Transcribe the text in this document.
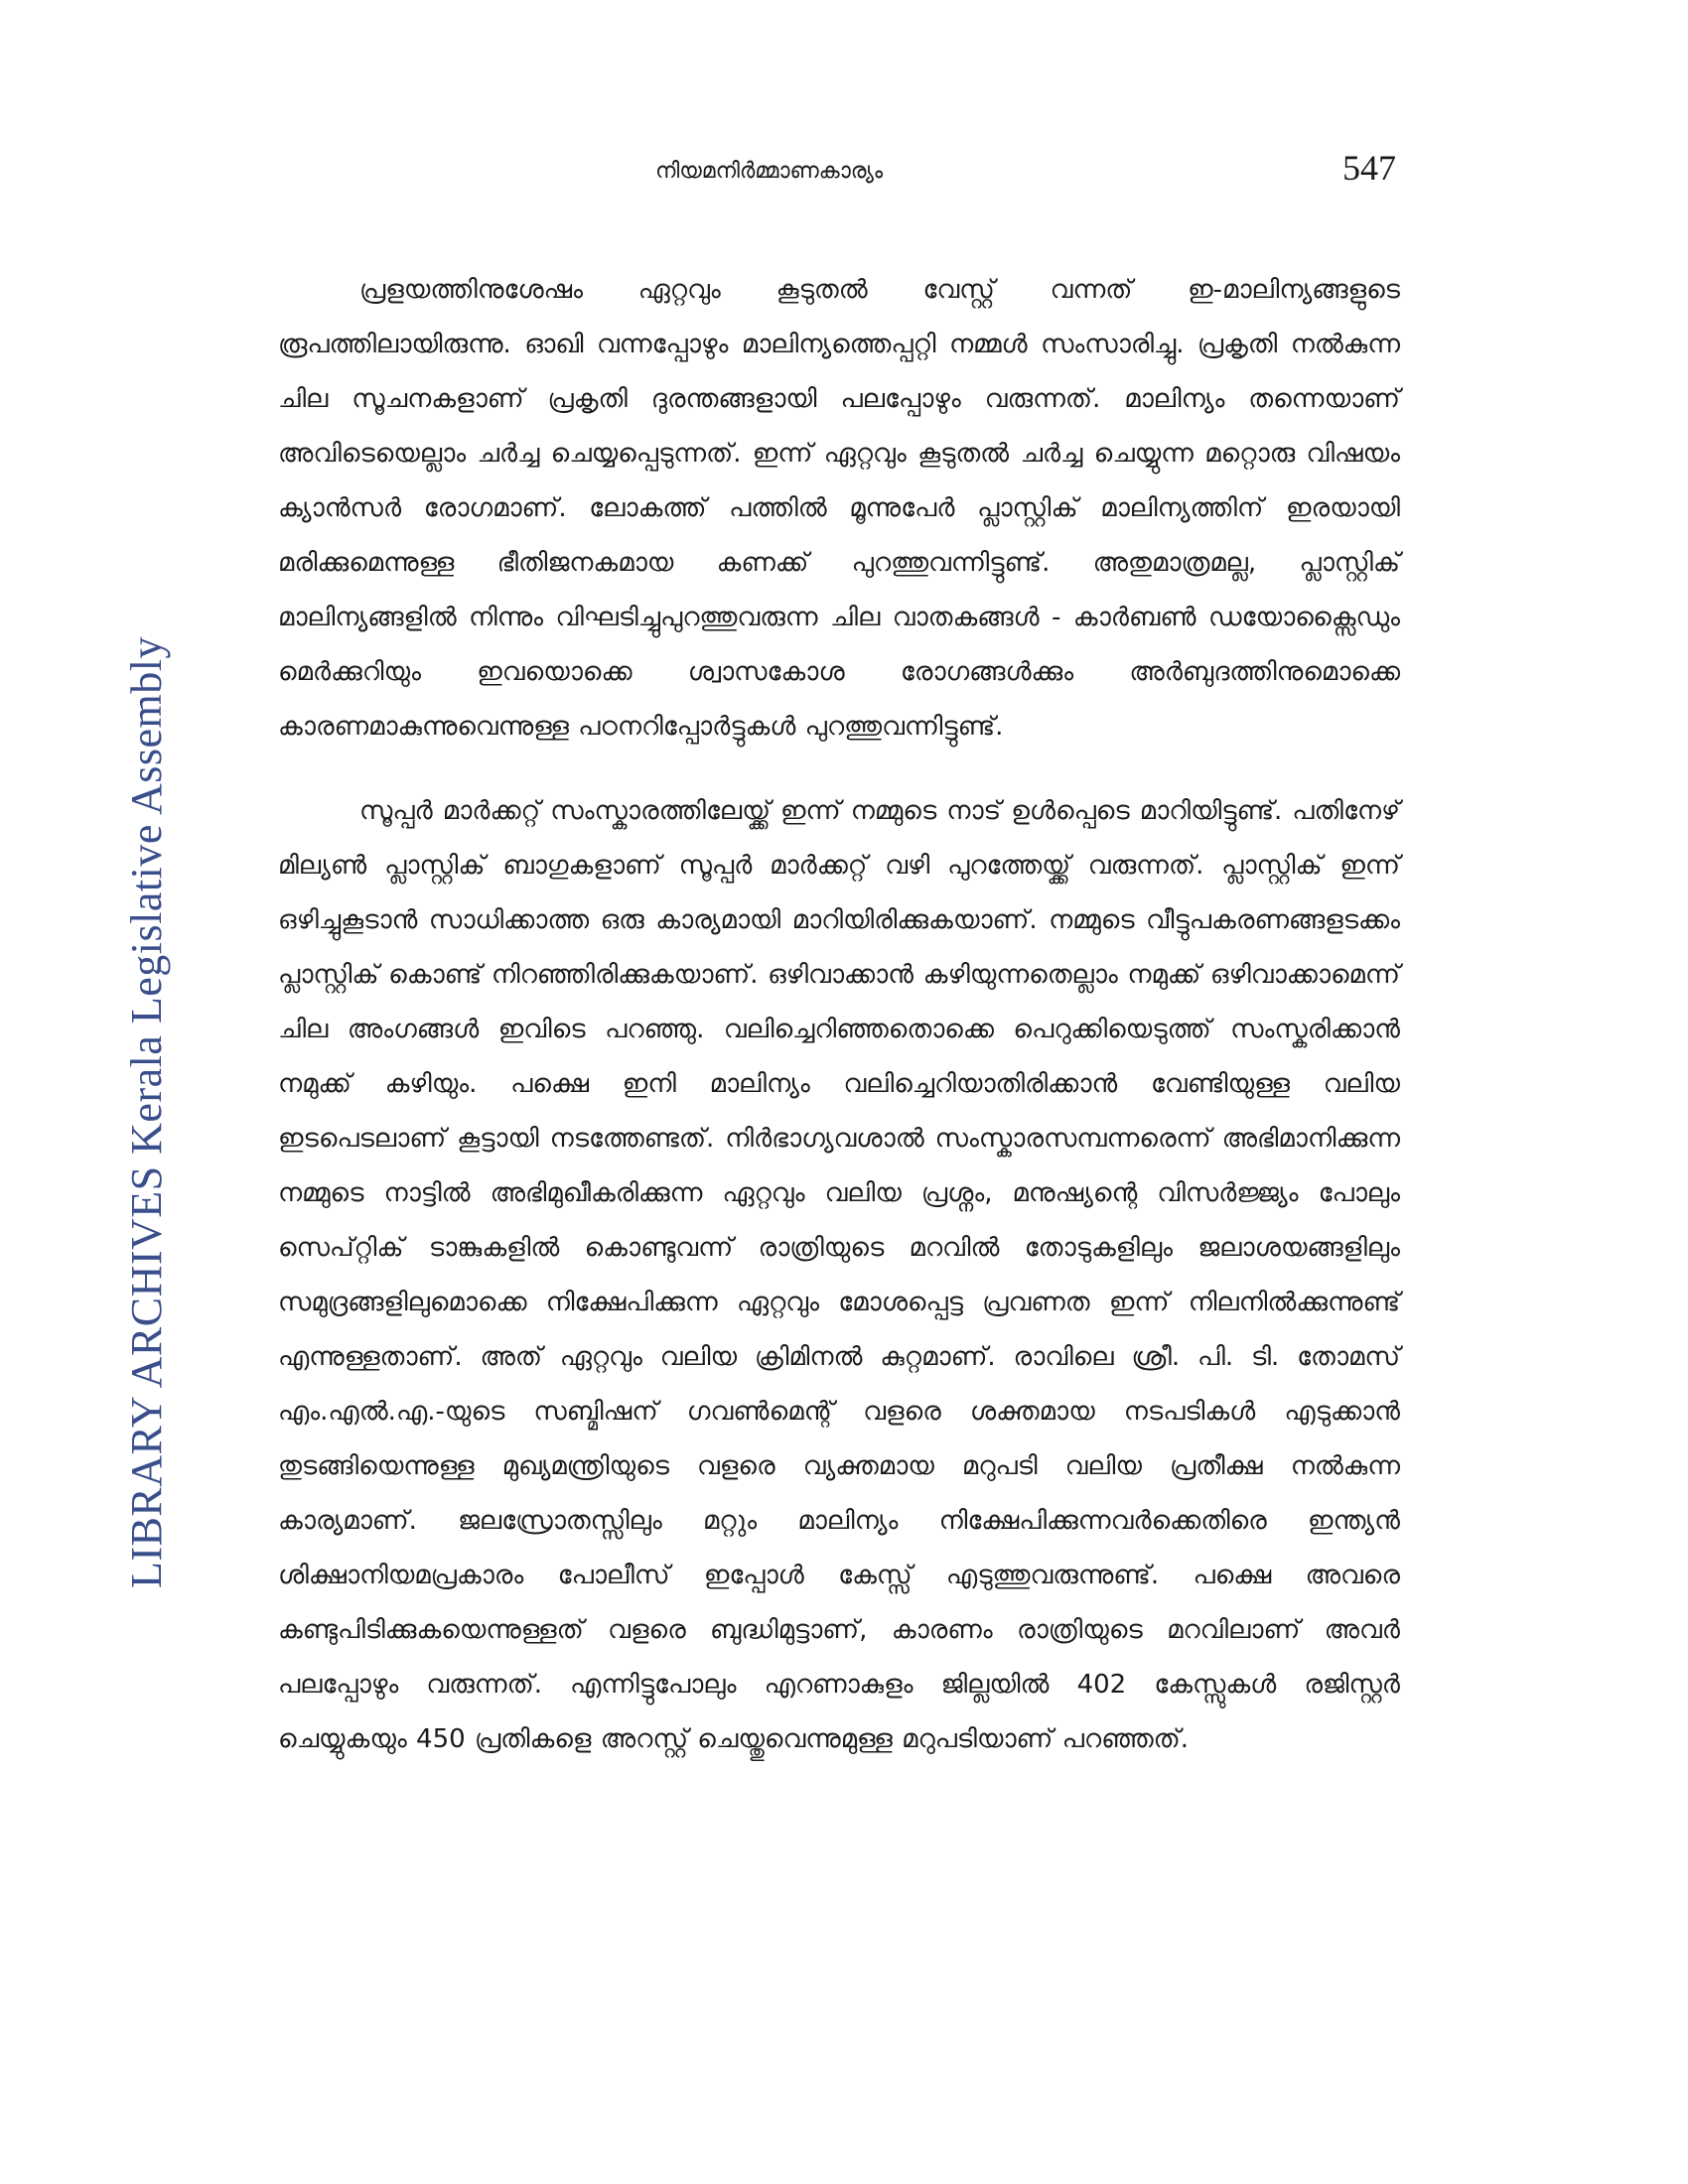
LIBRARY ARCHIVES Kerala Legislative Assembly
നിയമനിർമ്മാണകാര്യം	547

പ്രളയത്തിനുശേഷം ഏറ്റവും കൂടുതൽ വേസ്റ്റ് വന്നത് ഇ-മാലിന്യങ്ങളുടെ രൂപത്തിലായിരുന്നു. ഓഖി വന്നപ്പോഴും മാലിന്യത്തെപ്പറ്റി നമ്മൾ സംസാരിച്ചു. പ്രകൃതി നൽകുന്ന ചില സൂചനകളാണ് പ്രകൃതി ദുരന്തങ്ങളായി പലപ്പോഴും വരുന്നത്. മാലിന്യം തന്നെയാണ് അവിടെയെല്ലാം ചർച്ച ചെയ്യപ്പെടുന്നത്. ഇന്ന് ഏറ്റവും കൂടുതൽ ചർച്ച ചെയ്യുന്ന മറ്റൊരു വിഷയം ക്യാൻസർ രോഗമാണ്. ലോകത്ത് പത്തിൽ മൂന്നുപേർ പ്ലാസ്റ്റിക് മാലിന്യത്തിന് ഇരയായി മരിക്കുമെന്നുള്ള ഭീതിജനകമായ കണക്ക് പുറത്തുവന്നിട്ടുണ്ട്. അതുമാത്രമല്ല, പ്ലാസ്റ്റിക് മാലിന്യങ്ങളിൽ നിന്നും വിഘടിച്ചുപുറത്തുവരുന്ന ചില വാതകങ്ങൾ - കാർബൺ ഡയോക്സൈഡും മെർക്കുറിയും ഇവയൊക്കെ ശ്വാസകോശ രോഗങ്ങൾക്കും അർബുദത്തിനുമൊക്കെ കാരണമാകുന്നുവെന്നുള്ള പഠനറിപ്പോർട്ടുകൾ പുറത്തുവന്നിട്ടുണ്ട്.

സൂപ്പർ മാർക്കറ്റ് സംസ്കാരത്തിലേയ്ക്ക് ഇന്ന് നമ്മുടെ നാട് ഉൾപ്പെടെ മാറിയിട്ടുണ്ട്. പതിനേഴ് മില്യൺ പ്ലാസ്റ്റിക് ബാഗുകളാണ് സൂപ്പർ മാർക്കറ്റ് വഴി പുറത്തേയ്ക്ക് വരുന്നത്. പ്ലാസ്റ്റിക് ഇന്ന് ഒഴിച്ചുകൂടാൻ സാധിക്കാത്ത ഒരു കാര്യമായി മാറിയിരിക്കുകയാണ്. നമ്മുടെ വീട്ടുപകരണങ്ങളടക്കം പ്ലാസ്റ്റിക് കൊണ്ട് നിറഞ്ഞിരിക്കുകയാണ്. ഒഴിവാക്കാൻ കഴിയുന്നതെല്ലാം നമുക്ക് ഒഴിവാക്കാമെന്ന് ചില അംഗങ്ങൾ ഇവിടെ പറഞ്ഞു. വലിച്ചെറിഞ്ഞതൊക്കെ പെറുക്കിയെടുത്ത് സംസ്കരിക്കാൻ നമുക്ക് കഴിയും. പക്ഷെ ഇനി മാലിന്യം വലിച്ചെറിയാതിരിക്കാൻ വേണ്ടിയുള്ള വലിയ ഇടപെടലാണ് കൂട്ടായി നടത്തേണ്ടത്. നിർഭാഗ്യവശാൽ സംസ്കാരസമ്പന്നരെന്ന് അഭിമാനിക്കുന്ന നമ്മുടെ നാട്ടിൽ അഭിമുഖീകരിക്കുന്ന ഏറ്റവും വലിയ പ്രശ്നം, മനുഷ്യന്റെ വിസർജ്ജ്യം പോലും സെപ്റ്റിക് ടാങ്കുകളിൽ കൊണ്ടുവന്ന് രാത്രിയുടെ മറവിൽ തോടുകളിലും ജലാശയങ്ങളിലും സമുദ്രങ്ങളിലുമൊക്കെ നിക്ഷേപിക്കുന്ന ഏറ്റവും മോശപ്പെട്ട പ്രവണത ഇന്ന് നിലനിൽക്കുന്നുണ്ട് എന്നുള്ളതാണ്. അത് ഏറ്റവും വലിയ ക്രിമിനൽ കുറ്റമാണ്. രാവിലെ ശ്രീ. പി. ടി. തോമസ് എം.എൽ.എ.-യുടെ സബ്മിഷന് ഗവൺമെന്റ് വളരെ ശക്തമായ നടപടികൾ എടുക്കാൻ തുടങ്ങിയെന്നുള്ള മുഖ്യമന്ത്രിയുടെ വളരെ വ്യക്തമായ മറുപടി വലിയ പ്രതീക്ഷ നൽകുന്ന കാര്യമാണ്. ജലസ്രോതസ്സിലും മറ്റും മാലിന്യം നിക്ഷേപിക്കുന്നവർക്കെതിരെ ഇന്ത്യൻ ശിക്ഷാനിയമപ്രകാരം പോലീസ് ഇപ്പോൾ കേസ്സ് എടുത്തുവരുന്നുണ്ട്. പക്ഷെ അവരെ കണ്ടുപിടിക്കുകയെന്നുള്ളത് വളരെ ബുദ്ധിമുട്ടാണ്, കാരണം രാത്രിയുടെ മറവിലാണ് അവർ പലപ്പോഴും വരുന്നത്. എന്നിട്ടുപോലും എറണാകുളം ജില്ലയിൽ 402 കേസ്സുകൾ രജിസ്റ്റർ ചെയ്യുകയും 450 പ്രതികളെ അറസ്റ്റ് ചെയ്തുവെന്നുമുള്ള മറുപടിയാണ് പറഞ്ഞത്.
